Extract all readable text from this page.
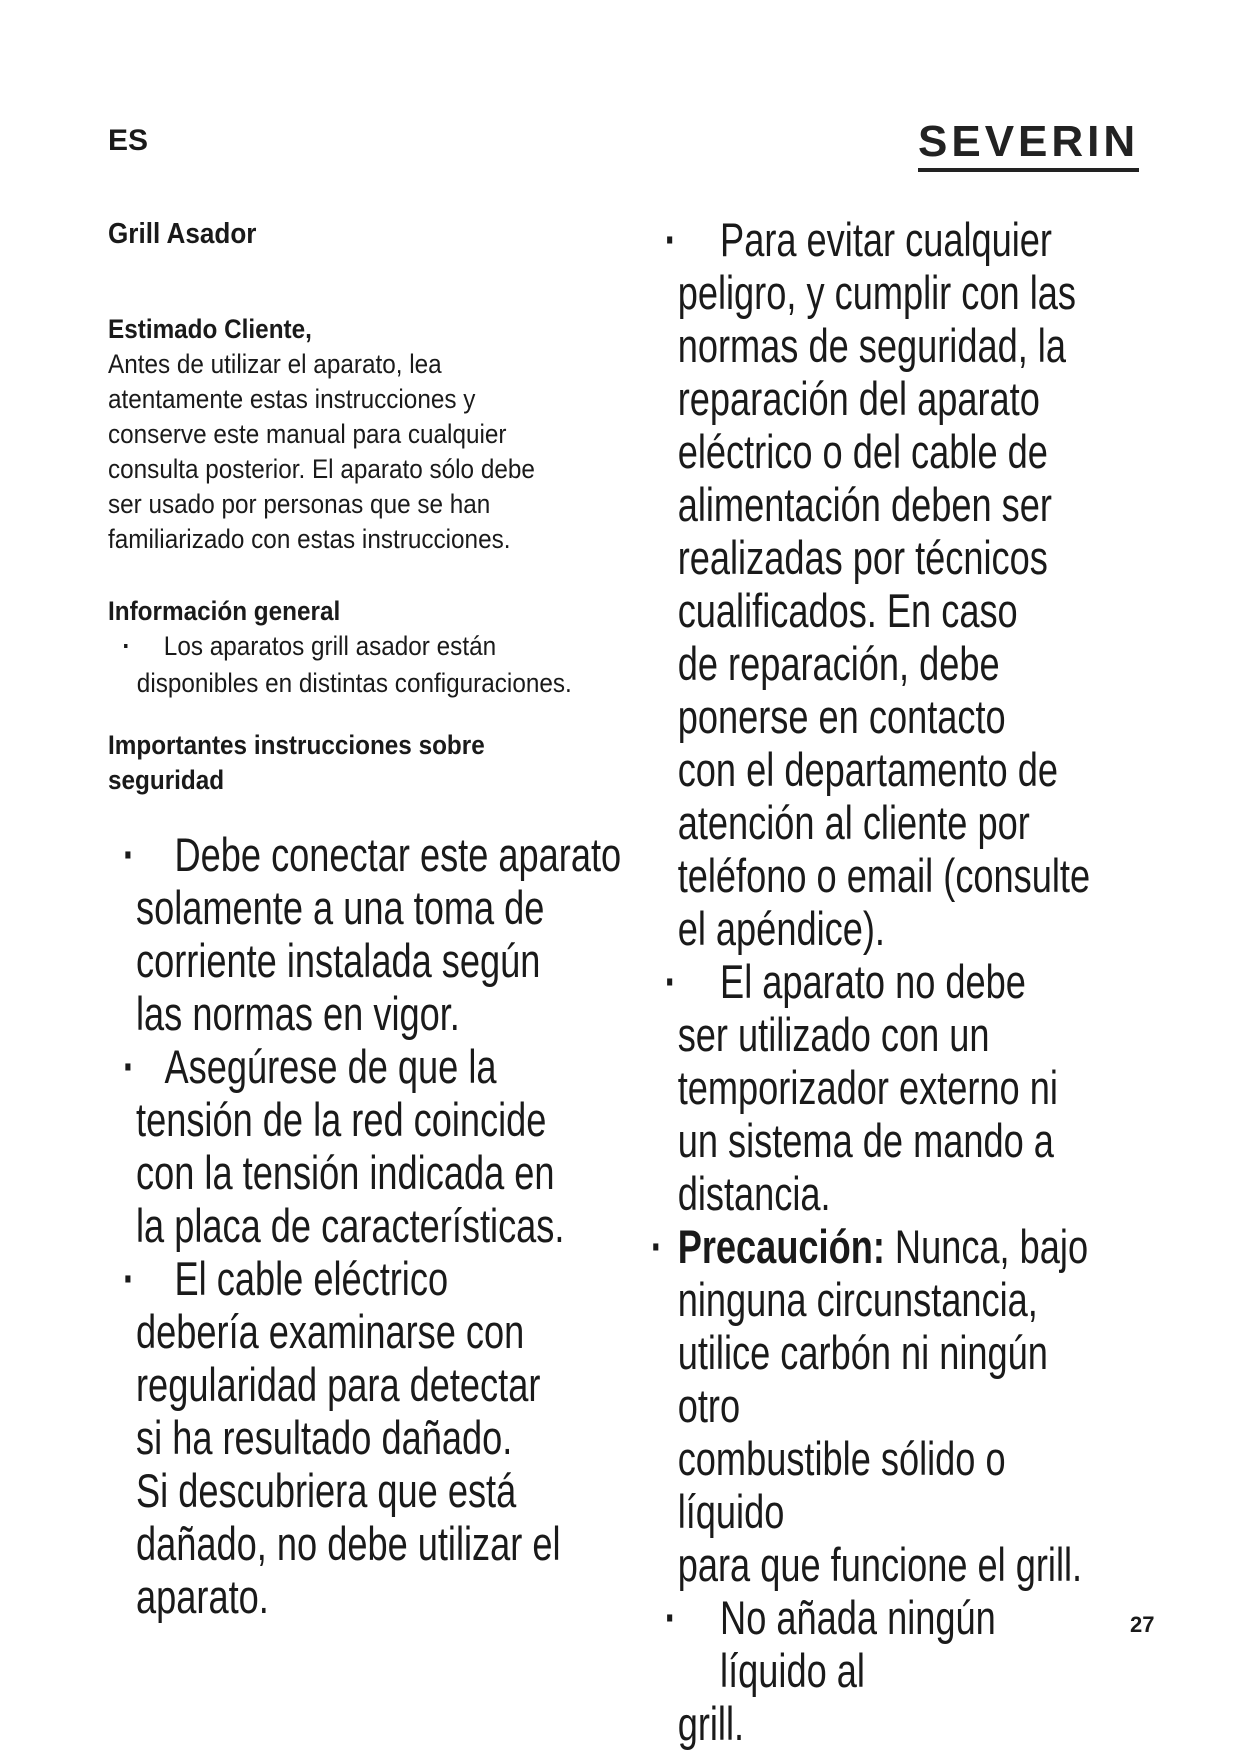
ES	SEVERIN
Grill Asador
Estimado Cliente,

Antes de utilizar el aparato, lea

atentamente estas instrucciones y

conserve este manual para cualquier

consulta posterior. El aparato sólo debe

ser usado por personas que se han

familiarizado con estas instrucciones.

Información general
·	Los aparatos grill asador están

disponibles en distintas configuraciones.

Importantes instrucciones sobre
seguridad
· Debe conectar este aparato

solamente a una toma de

corriente instalada según

las normas en vigor.

· Asegúrese de que la

tensión de la red coincide

con la tensión indicada en

la placa de características.

· El cable eléctrico

debería examinarse con

regularidad para detectar

si ha resultado dañado.

Si descubriera que está

dañado, no debe utilizar el

aparato.

· Para evitar cualquier

peligro, y cumplir con las

normas de seguridad, la

reparación del aparato

eléctrico o del cable de

alimentación deben ser

realizadas por técnicos

cualificados. En caso

de reparación, debe

ponerse en contacto

con el departamento de

atención al cliente por

teléfono o email (consulte

el apéndice).

· El aparato no debe

ser utilizado con un

temporizador externo ni

un sistema de mando a

distancia.

· Precaución: Nunca, bajo

ninguna circunstancia,

utilice carbón ni ningún otro

combustible sólido o líquido

para que funcione el grill.

· No añada ningún líquido al

grill.

27
